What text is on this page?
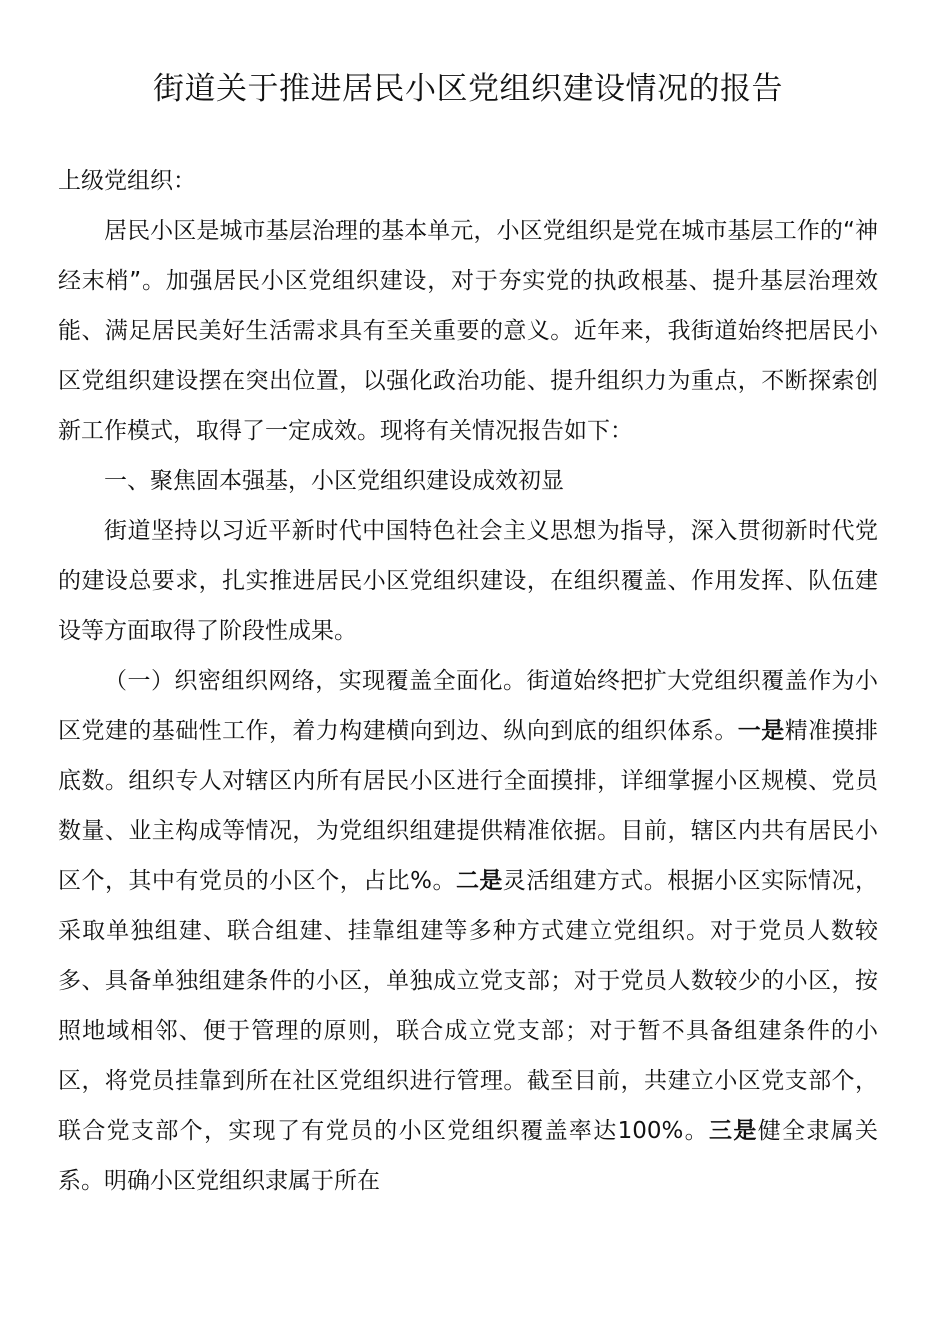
街道关于推进居民小区党组织建设情况的报告

上级党组织：

居民小区是城市基层治理的基本单元，小区党组织是党在城市基层工作的“神经末梢”。加强居民小区党组织建设，对于夯实党的执政根基、提升基层治理效能、满足居民美好生活需求具有至关重要的意义。近年来，我街道始终把居民小区党组织建设摆在突出位置，以强化政治功能、提升组织力为重点，不断探索创新工作模式，取得了一定成效。现将有关情况报告如下：

一、聚焦固本强基，小区党组织建设成效初显

街道坚持以习近平新时代中国特色社会主义思想为指导，深入贯彻新时代党的建设总要求，扎实推进居民小区党组织建设，在组织覆盖、作用发挥、队伍建设等方面取得了阶段性成果。

（一）织密组织网络，实现覆盖全面化。街道始终把扩大党组织覆盖作为小区党建的基础性工作，着力构建横向到边、纵向到底的组织体系。一是精准摸排底数。组织专人对辖区内所有居民小区进行全面摸排，详细掌握小区规模、党员数量、业主构成等情况，为党组织组建提供精准依据。目前，辖区内共有居民小区个，其中有党员的小区个，占比%。二是灵活组建方式。根据小区实际情况，采取单独组建、联合组建、挂靠组建等多种方式建立党组织。对于党员人数较多、具备单独组建条件的小区，单独成立党支部；对于党员人数较少的小区，按照地域相邻、便于管理的原则，联合成立党支部；对于暂不具备组建条件的小区，将党员挂靠到所在社区党组织进行管理。截至目前，共建立小区党支部个，联合党支部个，实现了有党员的小区党组织覆盖率达100%。三是健全隶属关系。明确小区党组织隶属于所在
